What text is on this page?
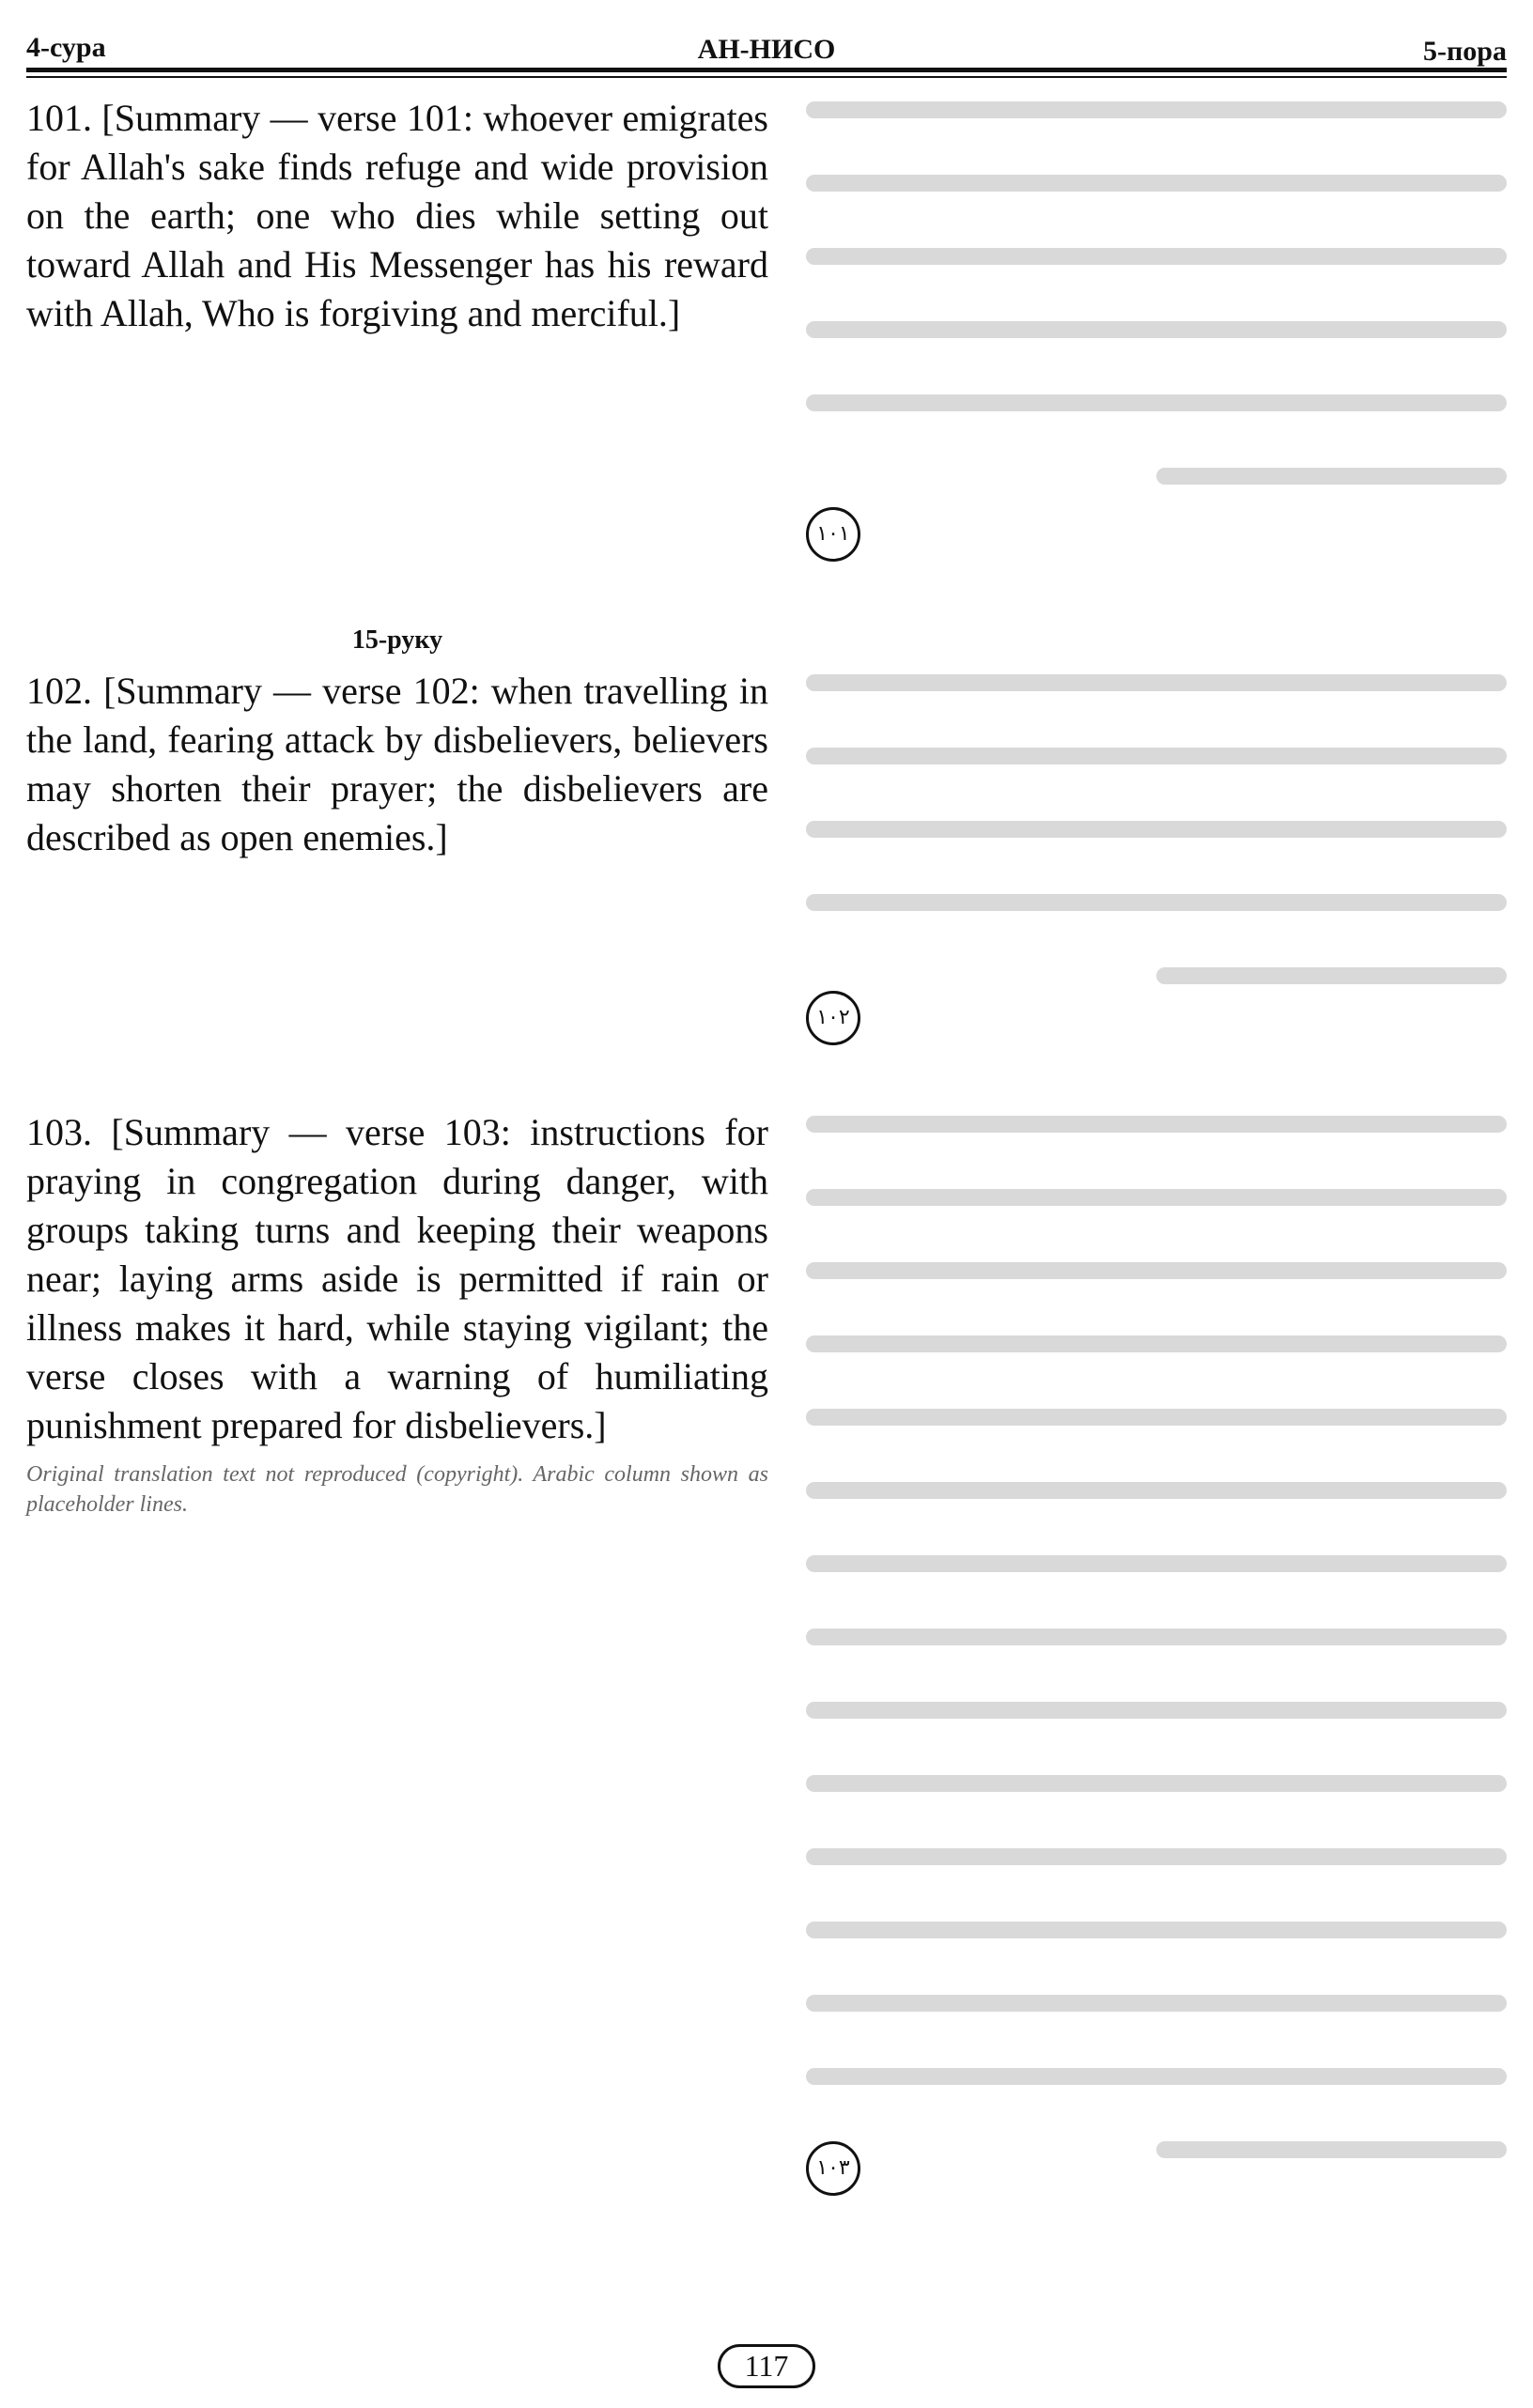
4-сура	АН-НИСО	5-пора
101. [Summary — verse 101: whoever emigrates for Allah's sake finds refuge and wide provision on the earth; one who dies while setting out toward Allah and His Messenger has his reward with Allah, Who is forgiving and merciful.]
١٠١
15-руку
102. [Summary — verse 102: when travelling in the land, fearing attack by disbelievers, believers may shorten their prayer; the disbelievers are described as open enemies.]
١٠٢
103. [Summary — verse 103: instructions for praying in congregation during danger, with groups taking turns and keeping their weapons near; laying arms aside is permitted if rain or illness makes it hard, while staying vigilant; the verse closes with a warning of humiliating punishment prepared for disbelievers.]
Original translation text not reproduced (copyright). Arabic column shown as placeholder lines.
١٠٣
117
